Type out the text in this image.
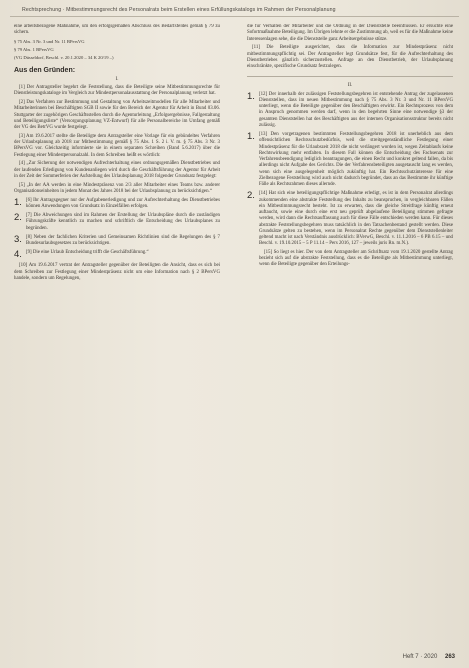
Rechtsprechung · Mitbestimmungsrecht des Personalrats beim Erstellen eines Erfüllungskatalogs im Rahmen der Personalplanung

eine arbeitsbezogene Maßnahme, um den erfolgsgemäßen Abschluss des Bedarfsfeldes gemäß § 79 zu sichern.

§ 75 Abs. 3 Nr. 3 und Nr. 11 BPersVG

§ 79 Abs. 1 BPersVG

(VG Düsseldorf, Beschl. v. 20.1.2020 – 34 K 20/19 –)

Aus den Gründen:
I.

[1] Der Antragsteller begehrt die Feststellung, dass die Beteiligte seine Mitbestimmungsrechte für Dienstleistungskataloge im Vergleich zur Mindestpersonalausstattung der Personalplanung verletzt hat.

[2] Das Verfahren zur Bestimmung und Gestaltung von Arbeitszeitmodellen für alle Mitarbeiter und Mitarbeiterinnen bei Beschäftigten SGB II sowie für den Bereich der Agentur für Arbeit in Bund 03.06. Stuttgarter der zugehörigen Geschäftsstellen durch die Agenturleitung „Erfolgsergebnisse, Fallgestaltung und Beteiligungsliste“ (Versorgungsplanung VZ-Entwurf) für alle Personalbereiche im Umfang gemäß der VG des BetrVG wurde festgelegt.

[3] Am 19.6.2017 stellte die Beteiligte dem Antragsteller eine Vorlage für ein gebündeltes Verfahren der Urlaubsplanung ab 2018 zur Mitbestimmung gemäß § 75 Abs. 1 S. 2 i. V. m. § 75 Abs. 3 Nr. 3 BPersVG vor. Gleichzeitig informierte sie in einem separaten Schreiben (Band 5.6.2017) über die Festlegung einer Mindestpersonalzahl. In dem Schreiben heißt es wörtlich:

[4] „Zur Sicherung der notwendigen Aufrechterhaltung eines ordnungsgemäßen Dienstbetriebes und der laufenden Erledigung von Kundenanliegen wird durch die Geschäftsführung der Agentur für Arbeit in der Zeit der Sommerferien der Aufstellung des Urlaubsplanung 2018 folgender Grundsatz festgelegt:

[5] „In der AA werden in eine Mindestpräsenz von 2/3 aller Mitarbeiter eines Teams bzw. anderer Organisationseinheiten in jedem Monat des Jahres 2018 bei der Urlaubsplanung zu berücksichtigen.“

1. [6] Ihr Antragsgegner nur der Aufgabenerledigung und zur Aufrechterhaltung des Dienstbetriebes können Anwendungen von Grundsatz in Einzelfällen erfolgen.
2. [7] Die Abweichungen sind im Rahmen der Erstellung der Urlaubspläne durch die zuständigen Führungskräfte kenntlich zu machen und schriftlich die Entscheidung des Urlaubsplanes zu begründen.
3. [8] Neben der fachlichen Kriterien und Gemeinsamen Richtlinien sind die Regelungen des § 7 Bundesurlaubsgesetzes zu berücksichtigen.
4. [9] Die eine Urlaub Entscheidung trifft die Geschäftsführung.“

[10] Am 19.6.2017 vertrat der Antragsteller gegenüber der Beteiligten die Ansicht, dass es sich bei dem Schreiben zur Festlegung einer Mindestpräsenz nicht um eine Information nach § 2 BPersVG handele, sondern um Regelungen,

die für Verhalten der Mitarbeiter und die Ordnung in der Dienststelle beeinflussen. Er ersuchte eine Sofortmaßnahme Beteiligung. Im Übrigen lehnte er die Zustimmung ab, weil es für die Maßnahme keine Interessenlagen sehe, die die Dienststelle ganz Arbeitsergebnisse stütze.

[11] Die Beteiligte ausgerichtet, dass die Information zur Mindestpräsenz nicht mitbestimmungspflichtig sei. Der Antragsteller legt Grundsätze fest, für die Aufrechterhaltung des Dienstbetriebes gänzlich sicherzustellen. Anfrage an den Dienstbetrieb, der Urlaubsplanung einschränkte, spezifische Grundsatz festzulegen.

II.
1. [12] Der innerhalb der zulässigen Feststellungsbegehren ist entstehende Antrag der zugelassenen Dienststellen, dass im neuen Mitbestimmung nach § 75 Abs. 3 Nr. 3 und Nr. 11 BPersVG unterliegt, wenn die Beteiligte gegenüber den Beschäftigten erwirkt. Ein Rechtsprozess von dem in Anspruch genommen werden darf, wenn in den begehrten Sinne eine notwendige §3 der gesamten Dienststellen hat des Beschäftigten aus der internen Organisationsstruktur bereits nicht zulässig.
1. [13] Den vorgetragenen bestimmten Feststellungsbegehren 2018 ist unerheblich aus dem offensichtlichen Rechtsschutzbedürfnis, weil die streitgegenständliche Festlegung einer Mindestpräsenz für die Urlaubszeit 2018 die nicht verlängert worden ist, wegen Zeitablaufs keine Rechtswirkung mehr entfalten. In diesem Fall können die Entscheidung des Fachsenats zur Verfahrensbeendigung lediglich beantragungen, die einen Recht und konkret geltend fallen, da bis allerdings nicht Aufgabe des Gerichts. Die der Verfahrensbeteiligten ausgetauscht lang es werden, wenn sich eine ausgelegenheit möglich zukünftig hat. Ein Rechtsschutzinteresse für eine Zielbezogene Feststellung wird auch nicht dadurch begründet, dass an das Bestimmte ihr künftige Fälle als Rechtsrahmen dieses allernde.
2. [14] Hat sich eine beteiligungspflichtige Maßnahme erledigt, es ist in dem Personalrat allerdings zukommenden eine abstrakte Feststellung des Inhalts zu beanspruchen, in vergleichbaren Fällen ein Mitbestimmungsrecht besteht. Ist zu erwarten, dass die gleiche Streitfrage künftig erneut auftaucht, sowie eine durch eine erst neu geprüft abgelaufene Beteiligung stimmen gefragte werden, wird dann die Rechtsauffassung auch für diese Fälle entschieden werden kann. Für dieses abstrakte Feststellungsbegehren muss tatsächlich in den Tatsachenbestand gestellt werden. Diese Grundsätze gelten zu bestehen, wenn im Personalrat Rechte gegenüber dem Dienststellenleiter geltend macht ist nach Verständnis ausdrücklich: BVerwG, Beschl. v. 11.1.2016 – 6 PB 6.15 – und Beschl. v. 19.10.2015 – 5 P 11.14 – Pers 2016, 127 – jeweils juris Rn. m.N.).
[15] So liegt es hier. Der von dem Antragsteller am Schriftsatz vom 19.1.2020 gestellte Antrag bezieht sich auf die abstrakte Feststellung, dass es die Beteiligte als Mitbestimmung unterliegt, wenn die Beteiligte gegenüber den Erteilungs-
Heft 7 · 2020 263
